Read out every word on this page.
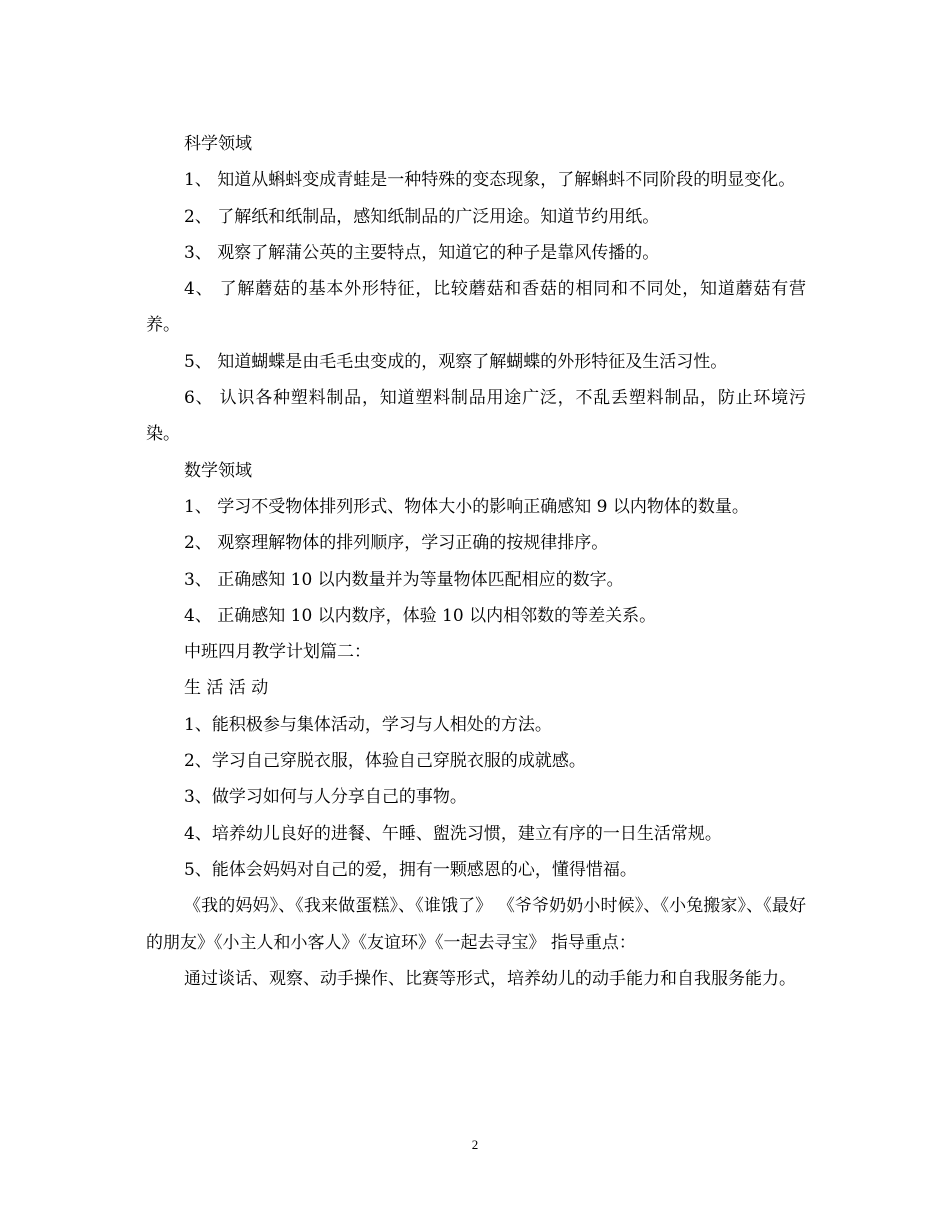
科学领域

1、 知道从蝌蚪变成青蛙是一种特殊的变态现象，了解蝌蚪不同阶段的明显变化。

2、 了解纸和纸制品，感知纸制品的广泛用途。知道节约用纸。

3、 观察了解蒲公英的主要特点，知道它的种子是靠风传播的。

4、 了解蘑菇的基本外形特征，比较蘑菇和香菇的相同和不同处，知道蘑菇有营养。

5、 知道蝴蝶是由毛毛虫变成的，观察了解蝴蝶的外形特征及生活习性。

6、 认识各种塑料制品，知道塑料制品用途广泛，不乱丢塑料制品，防止环境污染。

数学领域

1、 学习不受物体排列形式、物体大小的影响正确感知 9 以内物体的数量。

2、 观察理解物体的排列顺序，学习正确的按规律排序。

3、 正确感知 10 以内数量并为等量物体匹配相应的数字。

4、 正确感知 10 以内数序，体验 10 以内相邻数的等差关系。

中班四月教学计划篇二：

生 活 活 动

1、能积极参与集体活动，学习与人相处的方法。

2、学习自己穿脱衣服，体验自己穿脱衣服的成就感。

3、做学习如何与人分享自己的事物。

4、培养幼儿良好的进餐、午睡、盥洗习惯，建立有序的一日生活常规。

5、能体会妈妈对自己的爱，拥有一颗感恩的心，懂得惜福。

《我的妈妈》、《我来做蛋糕》、《谁饿了》 《爷爷奶奶小时候》、《小兔搬家》、《最好的朋友》《小主人和小客人》《友谊环》《一起去寻宝》 指导重点：

通过谈话、观察、动手操作、比赛等形式，培养幼儿的动手能力和自我服务能力。

2
